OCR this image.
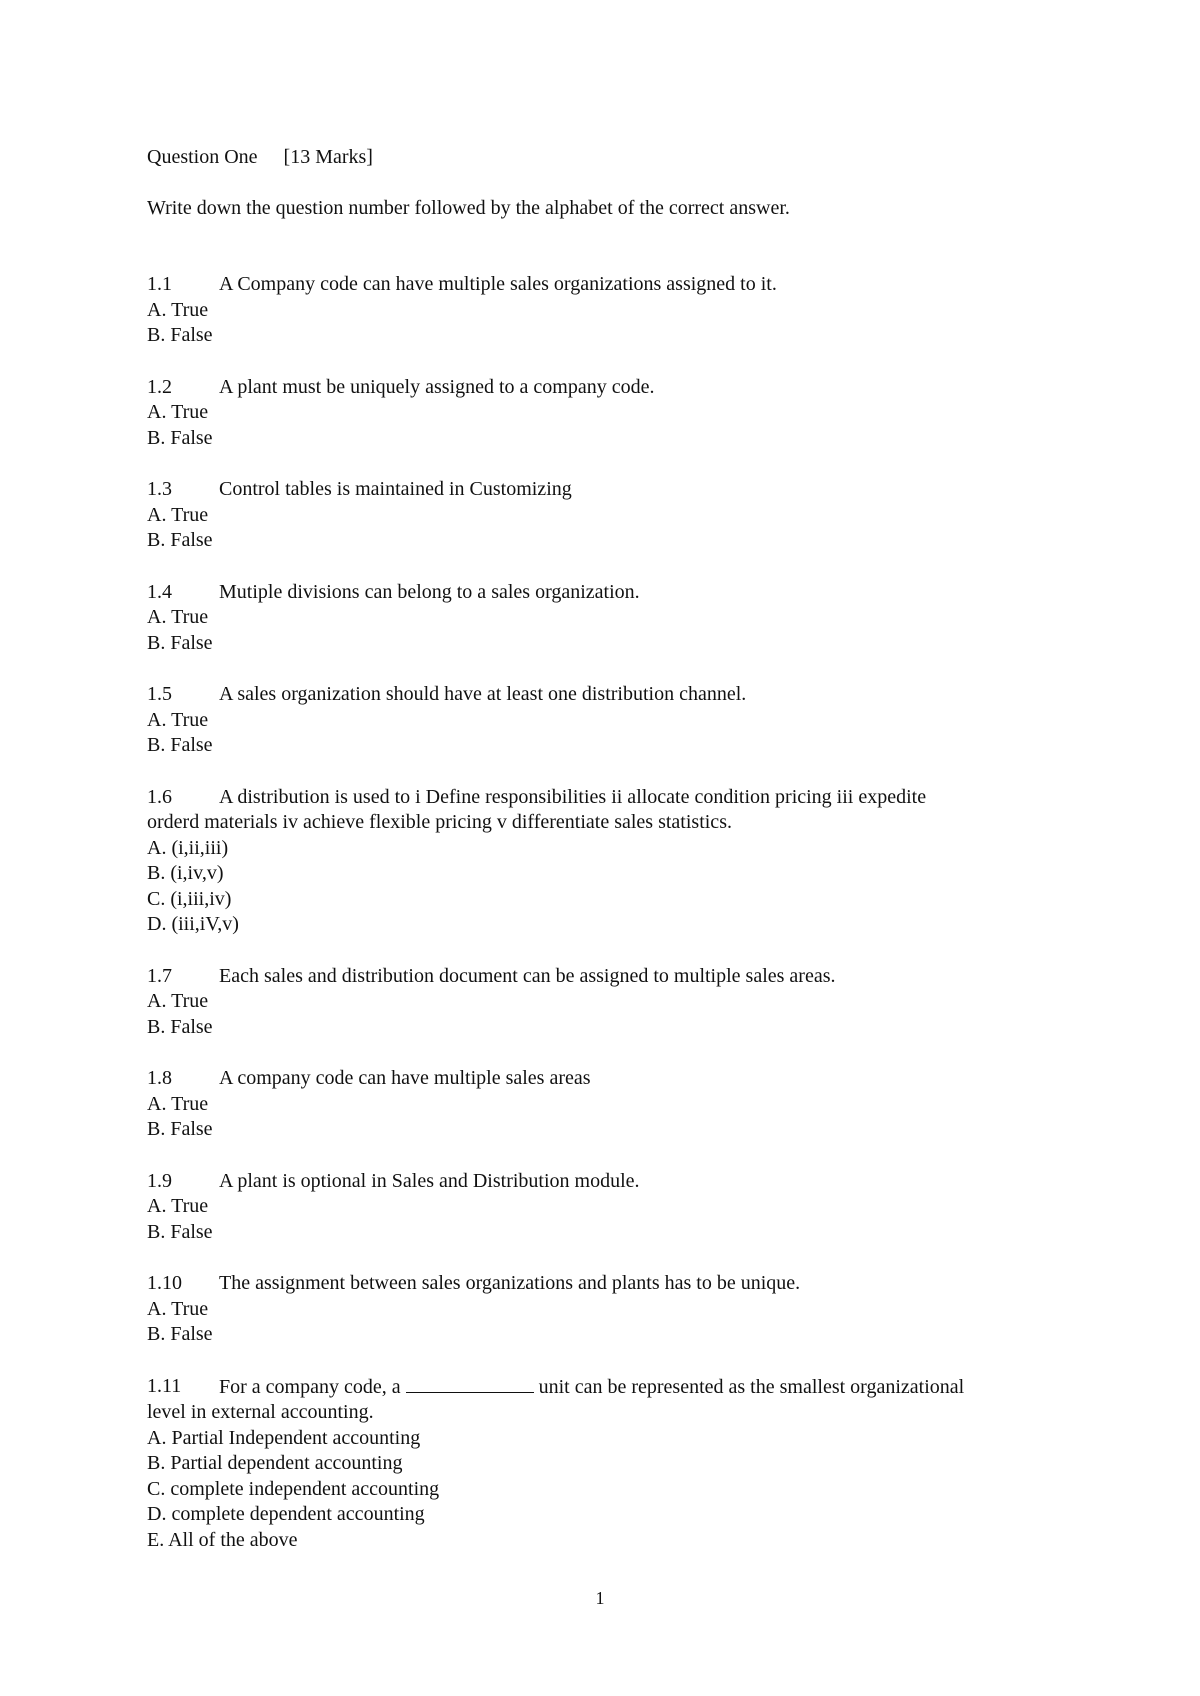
Question One [13 Marks]
Write down the question number followed by the alphabet of the correct answer.
1.1 A Company code can have multiple sales organizations assigned to it.
A. True
B. False
1.2 A plant must be uniquely assigned to a company code.
A. True
B. False
1.3 Control tables is maintained in Customizing
A. True
B. False
1.4 Mutiple divisions can belong to a sales organization.
A. True
B. False
1.5 A sales organization should have at least one distribution channel.
A. True
B. False
1.6 A distribution is used to i Define responsibilities ii allocate condition pricing iii expedite
orderd materials iv achieve flexible pricing v differentiate sales statistics.
A. (i,ii,iii)
B. (i,iv,v)
C. (i,iii,iv)
D. (iii,iV,v)
1.7 Each sales and distribution document can be assigned to multiple sales areas.
A. True
B. False
1.8 A company code can have multiple sales areas
A. True
B. False
1.9 A plant is optional in Sales and Distribution module.
A. True
B. False
1.10 The assignment between sales organizations and plants has to be unique.
A. True
B. False
1.11 For a company code, a	unit can be represented as the smallest organizational
level in external accounting.
A. Partial Independent accounting
B. Partial dependent accounting
C. complete independent accounting
D. complete dependent accounting
E. All of the above
1
